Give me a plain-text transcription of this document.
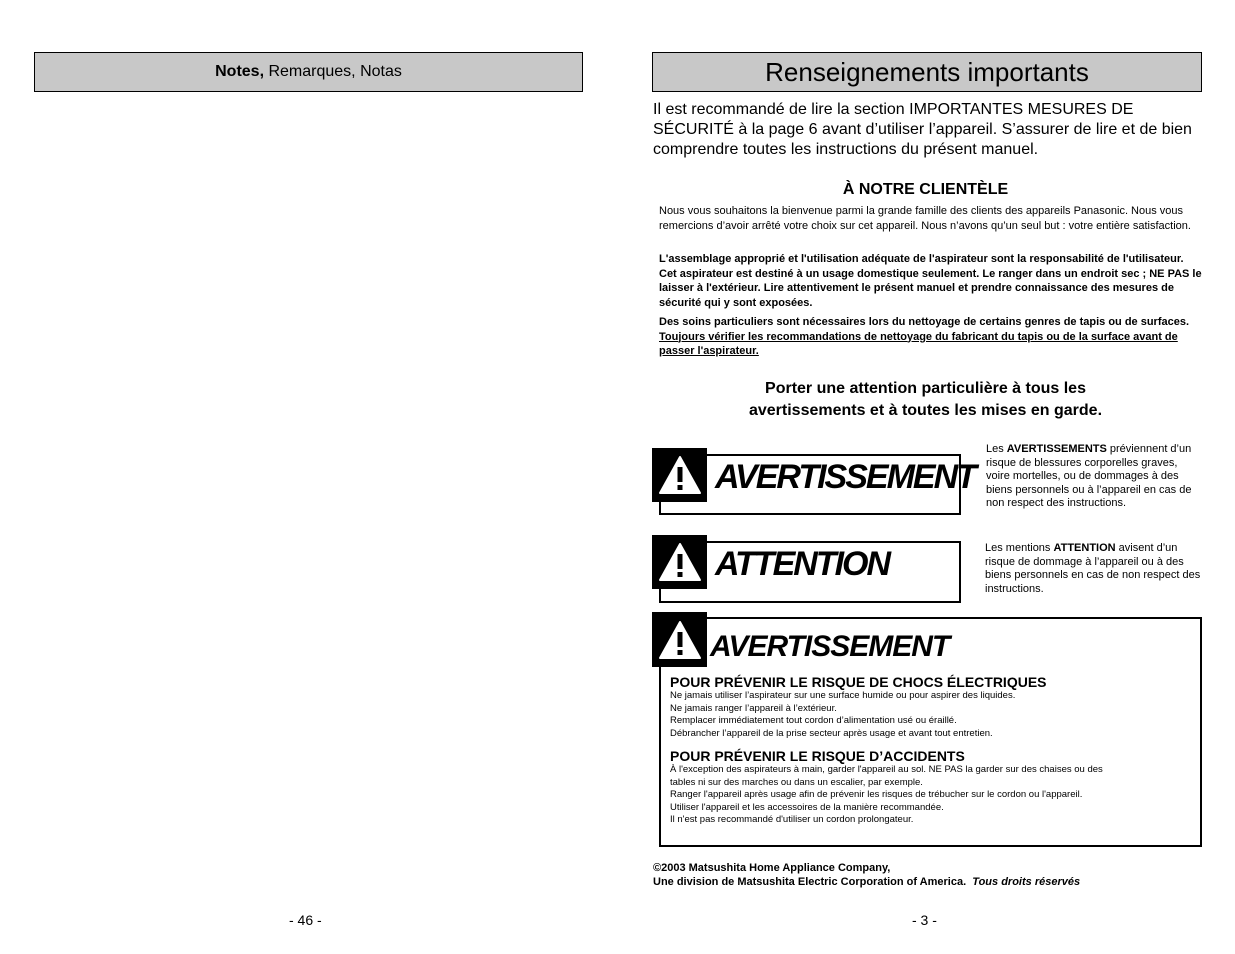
Notes, Remarques, Notas
- 46 -
Renseignements importants
Il est recommandé de lire la section IMPORTANTES MESURES DE SÉCURITÉ à la page 6 avant d’utiliser l’appareil. S’assurer de lire et de bien comprendre toutes les instructions du présent manuel.
À NOTRE CLIENTÈLE
Nous vous souhaitons la bienvenue parmi la grande famille des clients des appareils Panasonic. Nous vous remercions d’avoir arrêté votre choix sur cet appareil. Nous n’avons qu’un seul but : votre entière satisfaction.
L'assemblage approprié et l'utilisation adéquate de l'aspirateur sont la responsabilité de l'utilisateur. Cet aspirateur est destiné à un usage domestique seulement. Le ranger dans un endroit sec ; NE PAS le laisser à l'extérieur. Lire attentivement le présent manuel et prendre connaissance des mesures de sécurité qui y sont exposées.
Des soins particuliers sont nécessaires lors du nettoyage de certains genres de tapis ou de surfaces. Toujours vérifier les recommandations de nettoyage du fabricant du tapis ou de la surface avant de passer l'aspirateur.
Porter une attention particulière à tous les
avertissements et à toutes les mises en garde.
AVERTISSEMENT
Les AVERTISSEMENTS préviennent d’un risque de blessures corporelles graves, voire mortelles, ou de dommages à des biens personnels ou à l’appareil en cas de non respect des instructions.
ATTENTION	Les mentions ATTENTION avisent d’un risque de dommage à l’appareil ou à des biens personnels en cas de non respect des instructions.
AVERTISSEMENT
POUR PRÉVENIR LE RISQUE DE CHOCS ÉLECTRIQUES
Ne jamais utiliser l’aspirateur sur une surface humide ou pour aspirer des liquides.
Ne jamais ranger l’appareil à l’extérieur.
Remplacer immédiatement tout cordon d’alimentation usé ou éraillé.
Débrancher l’appareil de la prise secteur après usage et avant tout entretien.
POUR PRÉVENIR LE RISQUE D’ACCIDENTS
À l'exception des aspirateurs à main, garder l'appareil au sol. NE PAS la garder sur des chaises ou des
tables ni sur des marches ou dans un escalier, par exemple.
Ranger l'appareil après usage afin de prévenir les risques de trébucher sur le cordon ou l'appareil.
Utiliser l'appareil et les accessoires de la manière recommandée.
Il n'est pas recommandé d'utiliser un cordon prolongateur.
©2003 Matsushita Home Appliance Company,
Une division de Matsushita Electric Corporation of America. Tous droits réservés
- 3 -
